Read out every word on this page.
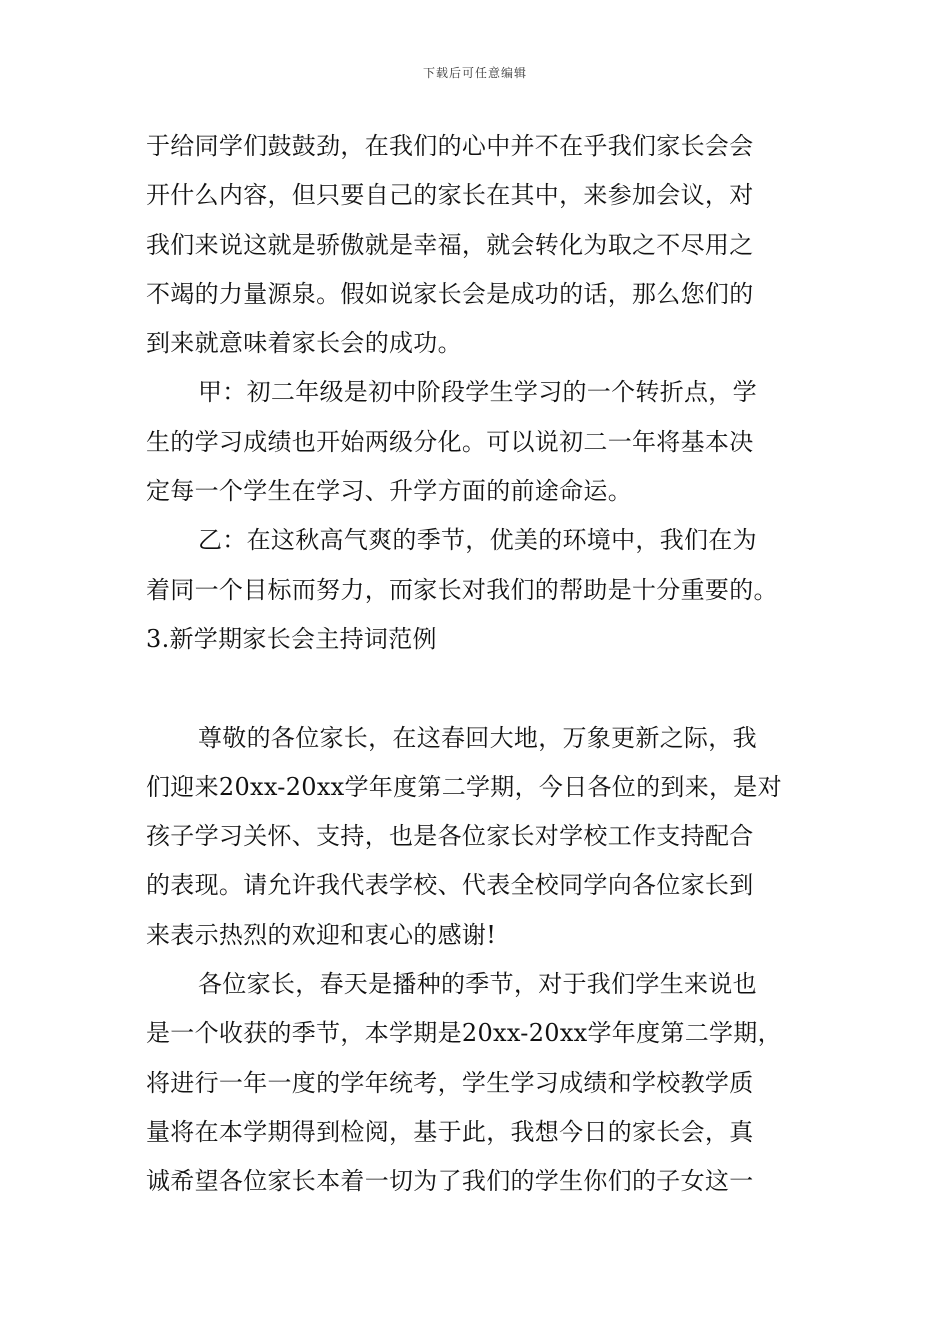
下载后可任意编辑
于给同学们鼓鼓劲，在我们的心中并不在乎我们家长会会
开什么内容，但只要自己的家长在其中，来参加会议，对
我们来说这就是骄傲就是幸福，就会转化为取之不尽用之
不竭的力量源泉。假如说家长会是成功的话，那么您们的
到来就意味着家长会的成功。
甲：初二年级是初中阶段学生学习的一个转折点，学
生的学习成绩也开始两级分化。可以说初二一年将基本决
定每一个学生在学习、升学方面的前途命运。
乙：在这秋高气爽的季节，优美的环境中，我们在为
着同一个目标而努力，而家长对我们的帮助是十分重要的。
3.新学期家长会主持词范例
尊敬的各位家长，在这春回大地，万象更新之际，我
们迎来20xx-20xx学年度第二学期，今日各位的到来，是对
孩子学习关怀、支持，也是各位家长对学校工作支持配合
的表现。请允许我代表学校、代表全校同学向各位家长到
来表示热烈的欢迎和衷心的感谢!
各位家长，春天是播种的季节，对于我们学生来说也
是一个收获的季节，本学期是20xx-20xx学年度第二学期，
将进行一年一度的学年统考，学生学习成绩和学校教学质
量将在本学期得到检阅，基于此，我想今日的家长会，真
诚希望各位家长本着一切为了我们的学生你们的子女这一
